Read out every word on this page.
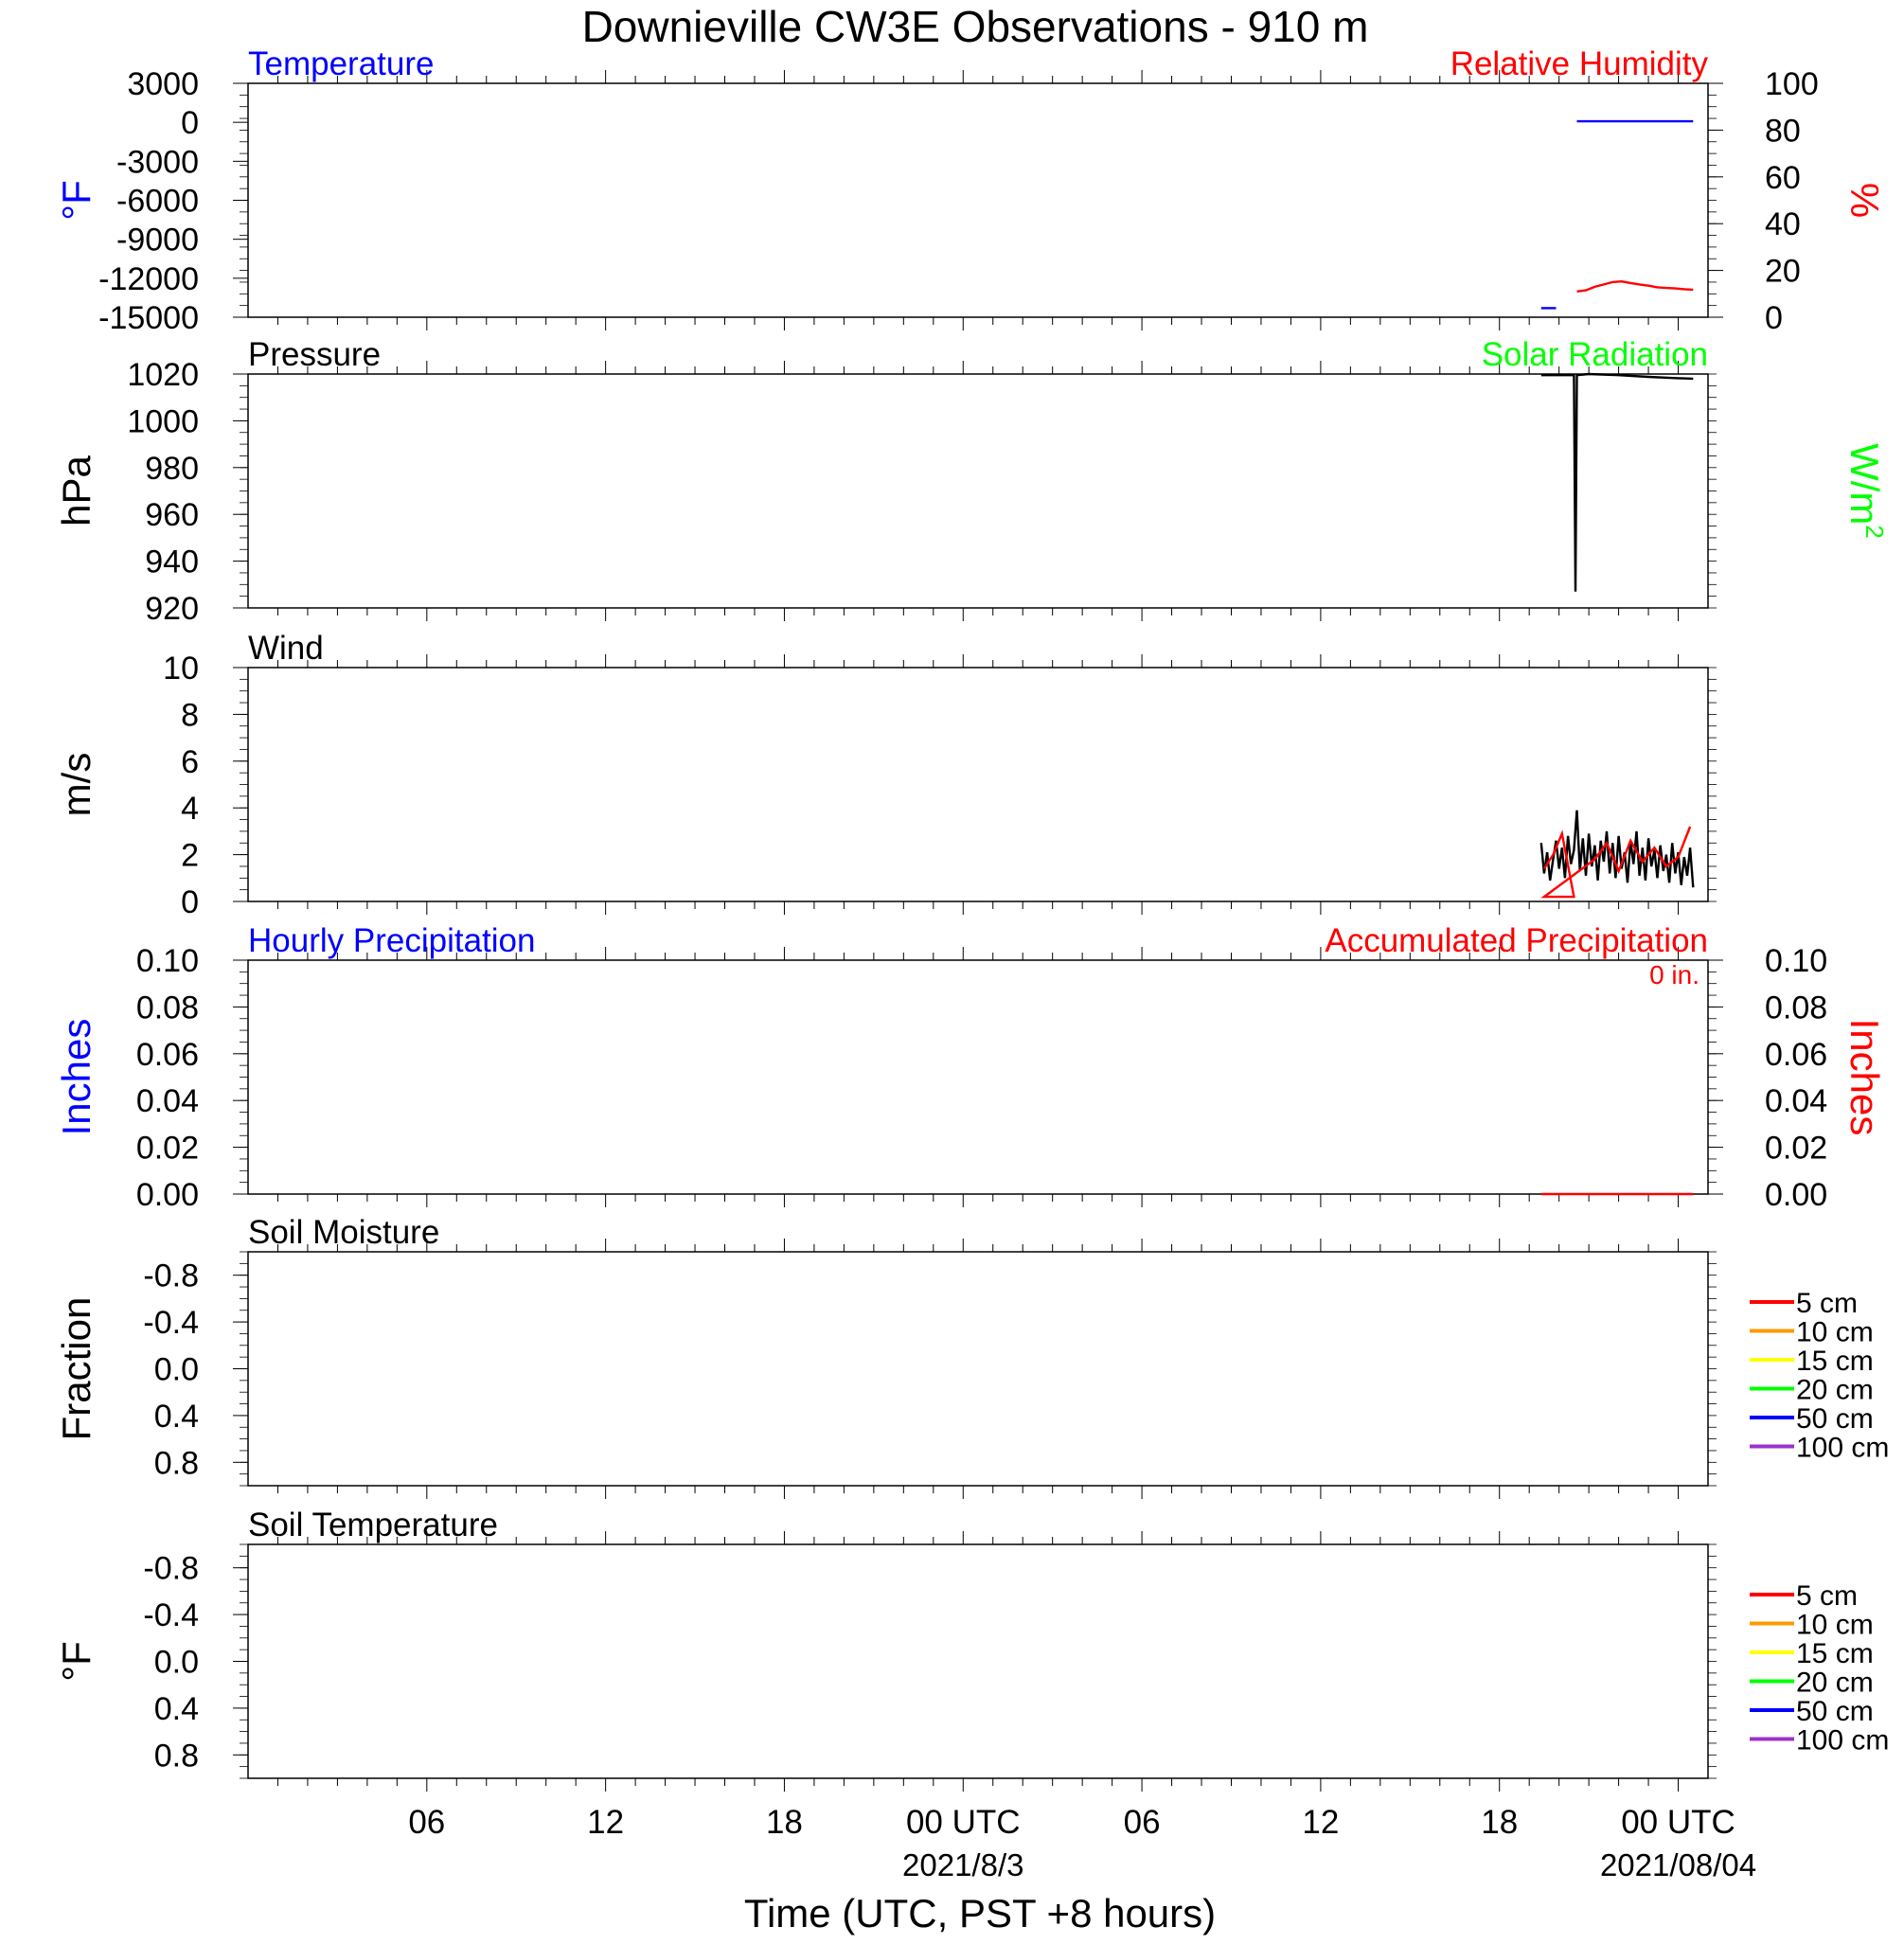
Downieville CW3E Observations - 910 m
3000
0
-3000
-6000
-9000
-12000
-15000
100
80
60
40
20
0
Temperature	Relative Humidity
°F	%
1020
1000
980
960
940
920
Pressure	Solar Radiation
hPa	$W/m^2$
10
8
6
4
2
0
Wind
m/s
0.10
0.08
0.06
0.04
0.02
0.00
0.10
0.08
0.06
0.04
0.02
0.00
Hourly Precipitation	Accumulated Precipitation
0 in.
Inches	Inches
0.8
0.4
0.0
-0.4
-0.8
Soil Moisture
Fraction	5 cm
10 cm
15 cm
20 cm
50 cm
100 cm
0.8
0.4
0.0
-0.4
-0.8
Soil Temperature
°F
5 cm
10 cm
15 cm
20 cm
50 cm
100 cm
06	12	18	00 UTC
2021/8/3
06	12	18	00 UTC
2021/08/04
Time (UTC, PST +8 hours)
